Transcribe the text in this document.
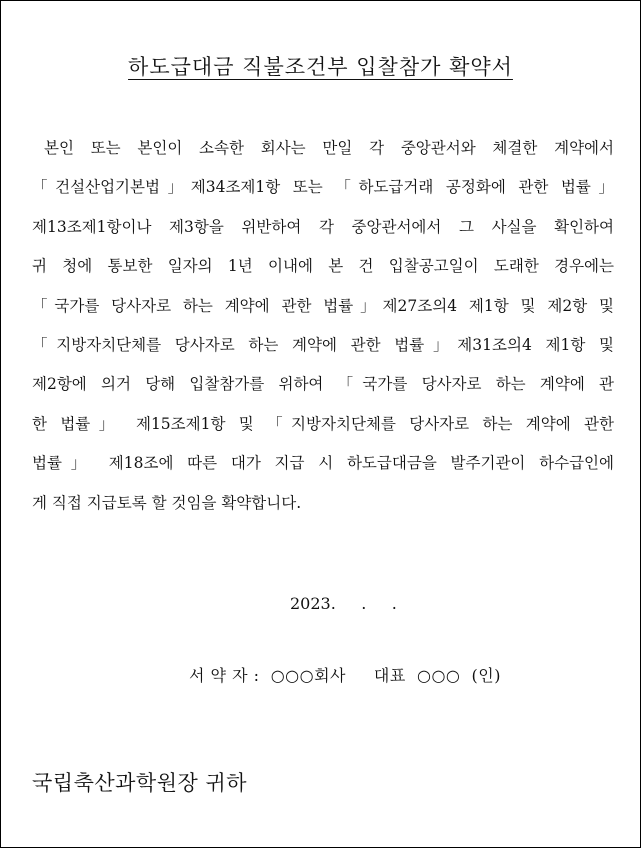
하도급대금 직불조건부 입찰참가 확약서
본인 또는 본인이 소속한 회사는 만일 각 중앙관서와 체결한 계약에서
「건설산업기본법」제34조제1항 또는 「하도급거래 공정화에 관한 법률」
제13조제1항이나 제3항을 위반하여 각 중앙관서에서 그 사실을 확인하여
귀 청에 통보한 일자의 1년 이내에 본 건 입찰공고일이 도래한 경우에는
「국가를 당사자로 하는 계약에 관한 법률」제27조의4 제1항 및 제2항 및
「지방자치단체를 당사자로 하는 계약에 관한 법률」제31조의4 제1항 및
제2항에 의거 당해 입찰참가를 위하여 「국가를 당사자로 하는 계약에 관
한 법률」 제15조제1항 및 「지방자치단체를 당사자로 하는 계약에 관한
법률」 제18조에 따른 대가 지급 시 하도급대금을 발주기관이 하수급인에
게 직접 지급토록 할 것임을 확약합니다.
2023.     .     .
서 약 자 :  ○○○회사     대표  ○○○  (인)
국립축산과학원장 귀하
